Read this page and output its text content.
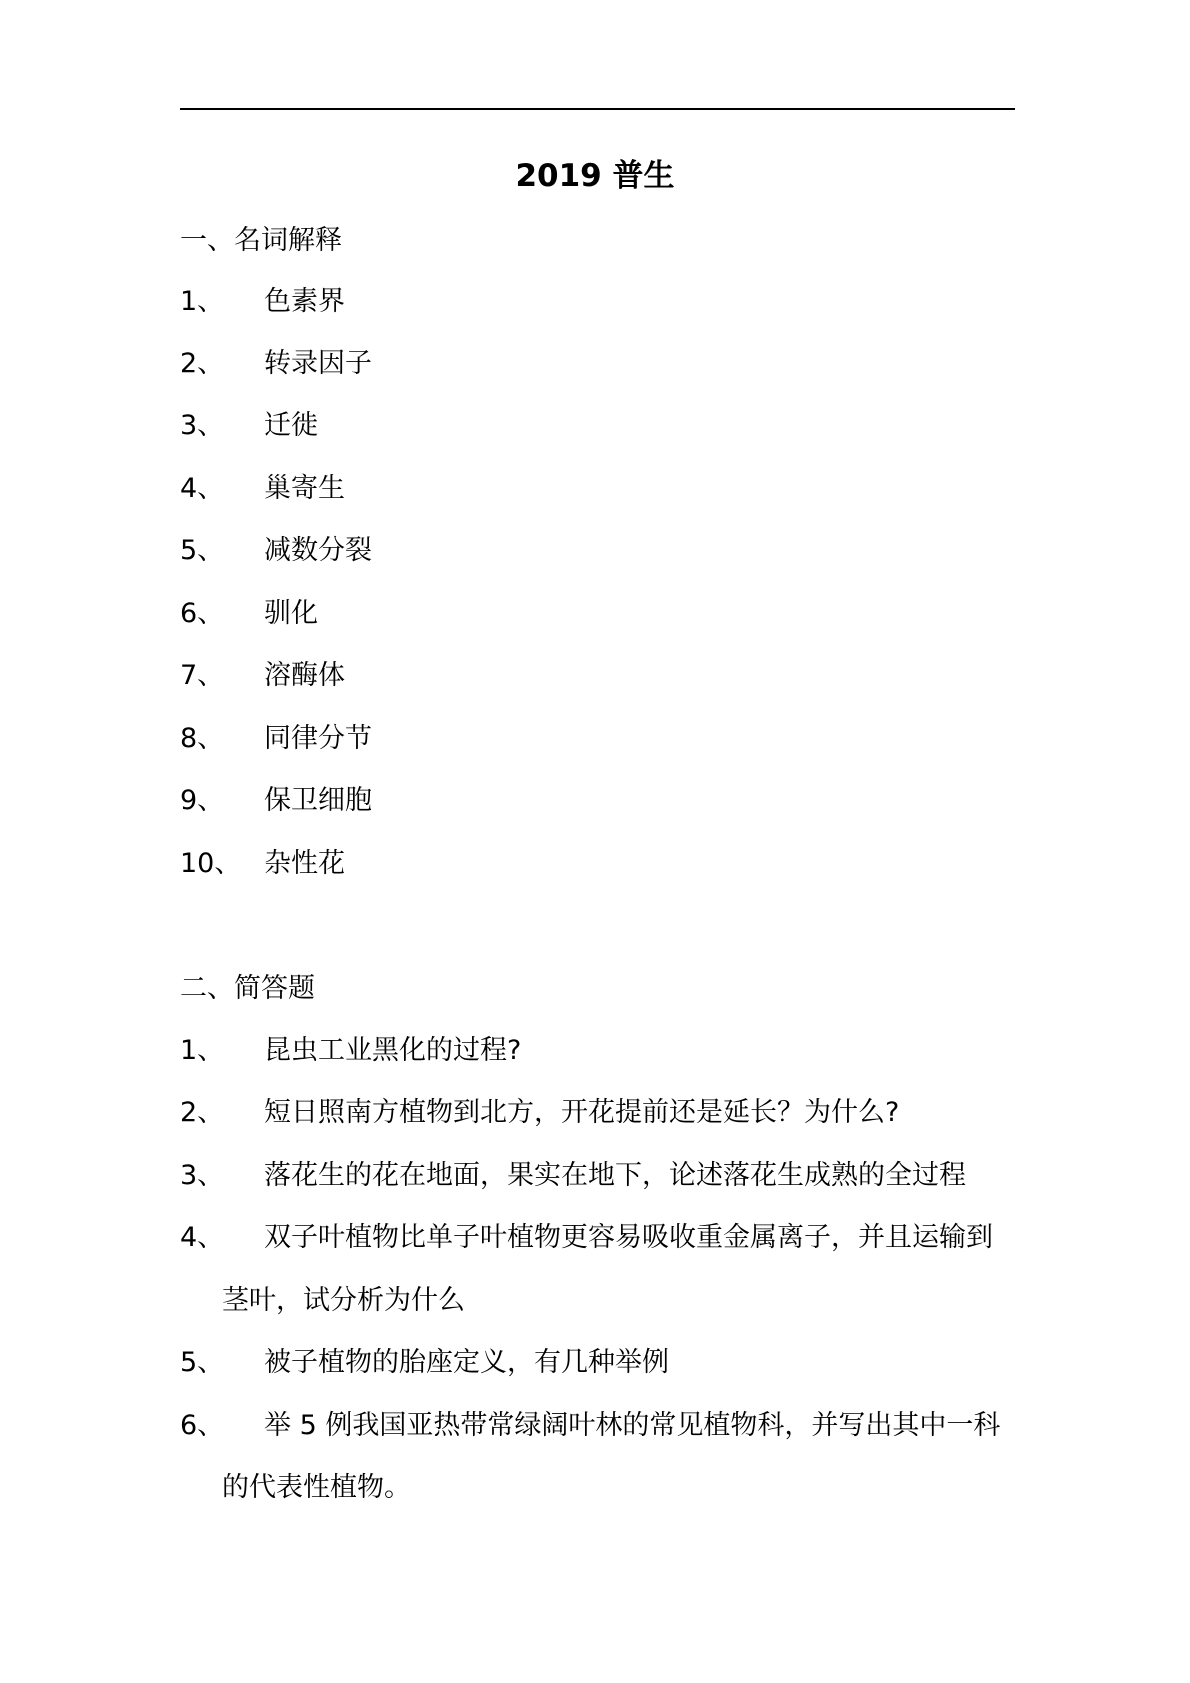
2019 普生
一、名词解释
1、 色素界
2、 转录因子
3、 迁徙
4、 巢寄生
5、 减数分裂
6、 驯化
7、 溶酶体
8、 同律分节
9、 保卫细胞
10、 杂性花
二、简答题
1、 昆虫工业黑化的过程?
2、 短日照南方植物到北方，开花提前还是延长？为什么?
3、 落花生的花在地面，果实在地下，论述落花生成熟的全过程
4、 双子叶植物比单子叶植物更容易吸收重金属离子，并且运输到
茎叶，试分析为什么
5、 被子植物的胎座定义，有几种举例
6、 举 5 例我国亚热带常绿阔叶林的常见植物科，并写出其中一科
的代表性植物。
